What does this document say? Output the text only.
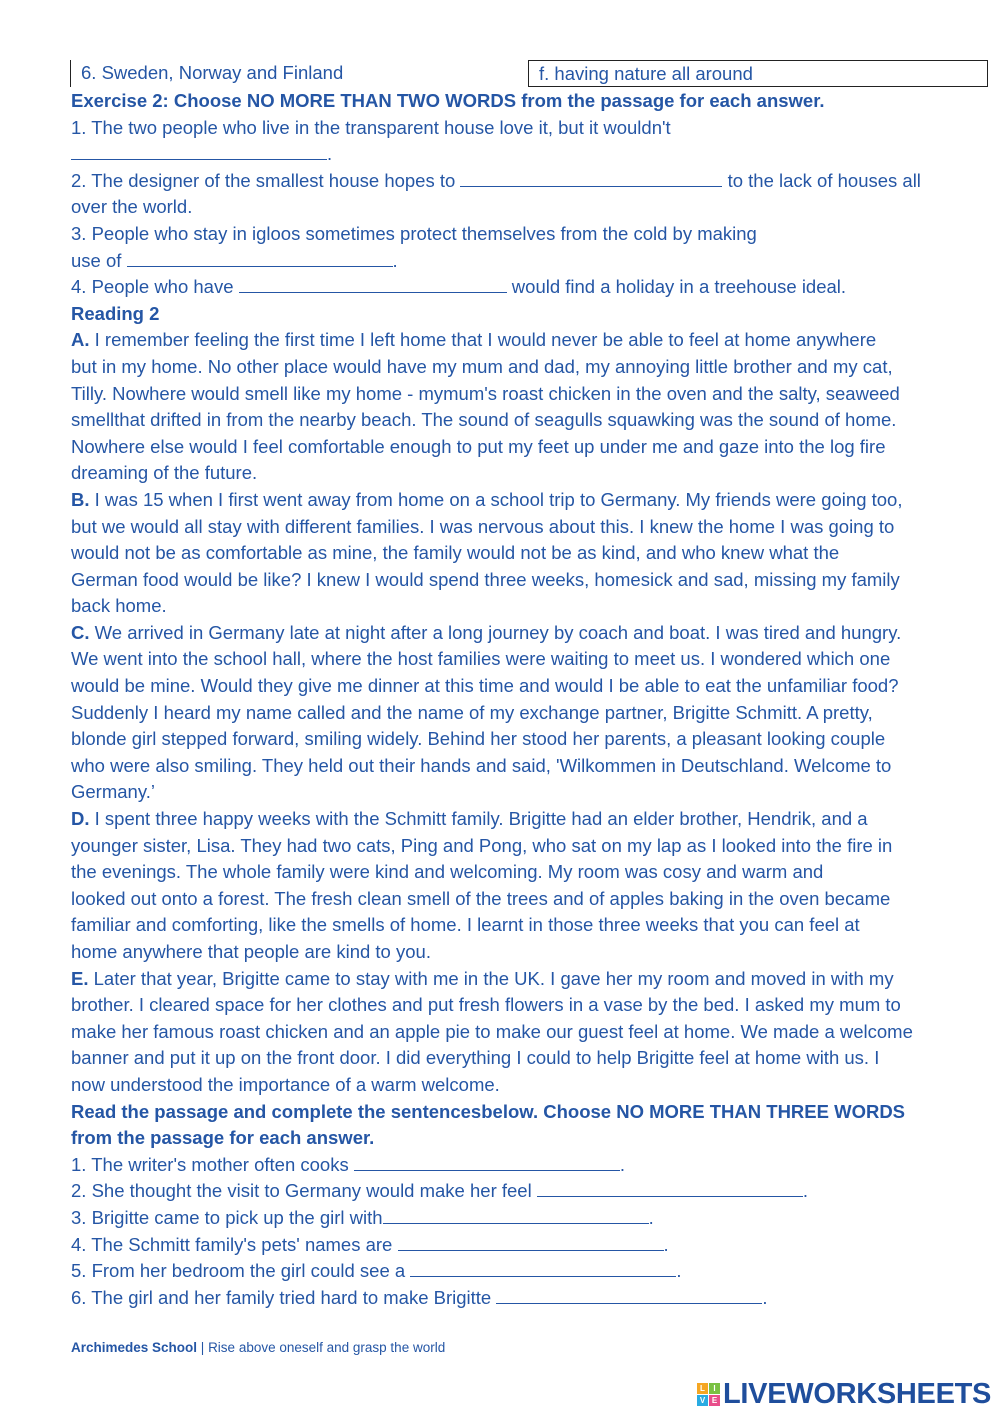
6. Sweden, Norway and Finland	f. having nature all around

Exercise 2: Choose NO MORE THAN TWO WORDS from the passage for each answer.

1. The two people who live in the transparent house love it, but it wouldn't

.

2. The designer of the smallest house hopes to	to the lack of houses all

over the world.

3. People who stay in igloos sometimes protect themselves from the cold by making

use of	.

4. People who have	would find a holiday in a treehouse ideal.

Reading 2

A. I remember feeling the first time I left home that I would never be able to feel at home anywhere

but in my home. No other place would have my mum and dad, my annoying little brother and my cat,

Tilly. Nowhere would smell like my home - mymum's roast chicken in the oven and the salty, seaweed

smellthat drifted in from the nearby beach. The sound of seagulls squawking was the sound of home.

Nowhere else would I feel comfortable enough to put my feet up under me and gaze into the log fire

dreaming of the future.

B. I was 15 when I first went away from home on a school trip to Germany. My friends were going too,

but we would all stay with different families. I was nervous about this. I knew the home I was going to

would not be as comfortable as mine, the family would not be as kind, and who knew what the

German food would be like? I knew I would spend three weeks, homesick and sad, missing my family

back home.

C. We arrived in Germany late at night after a long journey by coach and boat. I was tired and hungry.

We went into the school hall, where the host families were waiting to meet us. I wondered which one

would be mine. Would they give me dinner at this time and would I be able to eat the unfamiliar food?

Suddenly I heard my name called and the name of my exchange partner, Brigitte Schmitt. A pretty,

blonde girl stepped forward, smiling widely. Behind her stood her parents, a pleasant looking couple

who were also smiling. They held out their hands and said, 'Wilkommen in Deutschland. Welcome to

Germany.’

D. I spent three happy weeks with the Schmitt family. Brigitte had an elder brother, Hendrik, and a

younger sister, Lisa. They had two cats, Ping and Pong, who sat on my lap as I looked into the fire in

the evenings. The whole family were kind and welcoming. My room was cosy and warm and

looked out onto a forest. The fresh clean smell of the trees and of apples baking in the oven became

familiar and comforting, like the smells of home. I learnt in those three weeks that you can feel at

home anywhere that people are kind to you.

E. Later that year, Brigitte came to stay with me in the UK. I gave her my room and moved in with my

brother. I cleared space for her clothes and put fresh flowers in a vase by the bed. I asked my mum to

make her famous roast chicken and an apple pie to make our guest feel at home. We made a welcome

banner and put it up on the front door. I did everything I could to help Brigitte feel at home with us. I

now understood the importance of a warm welcome.

Read the passage and complete the sentencesbelow. Choose NO MORE THAN THREE WORDS

from the passage for each answer.

1. The writer's mother often cooks	.

2. She thought the visit to Germany would make her feel	.

3. Brigitte came to pick up the girl with	.

4. The Schmitt family's pets' names are	.

5. From her bedroom the girl could see a	.

6. The girl and her family tried hard to make Brigitte	.

Archimedes School | Rise above oneself and grasp the world
L	I
V E LIVEWORKSHEETS
